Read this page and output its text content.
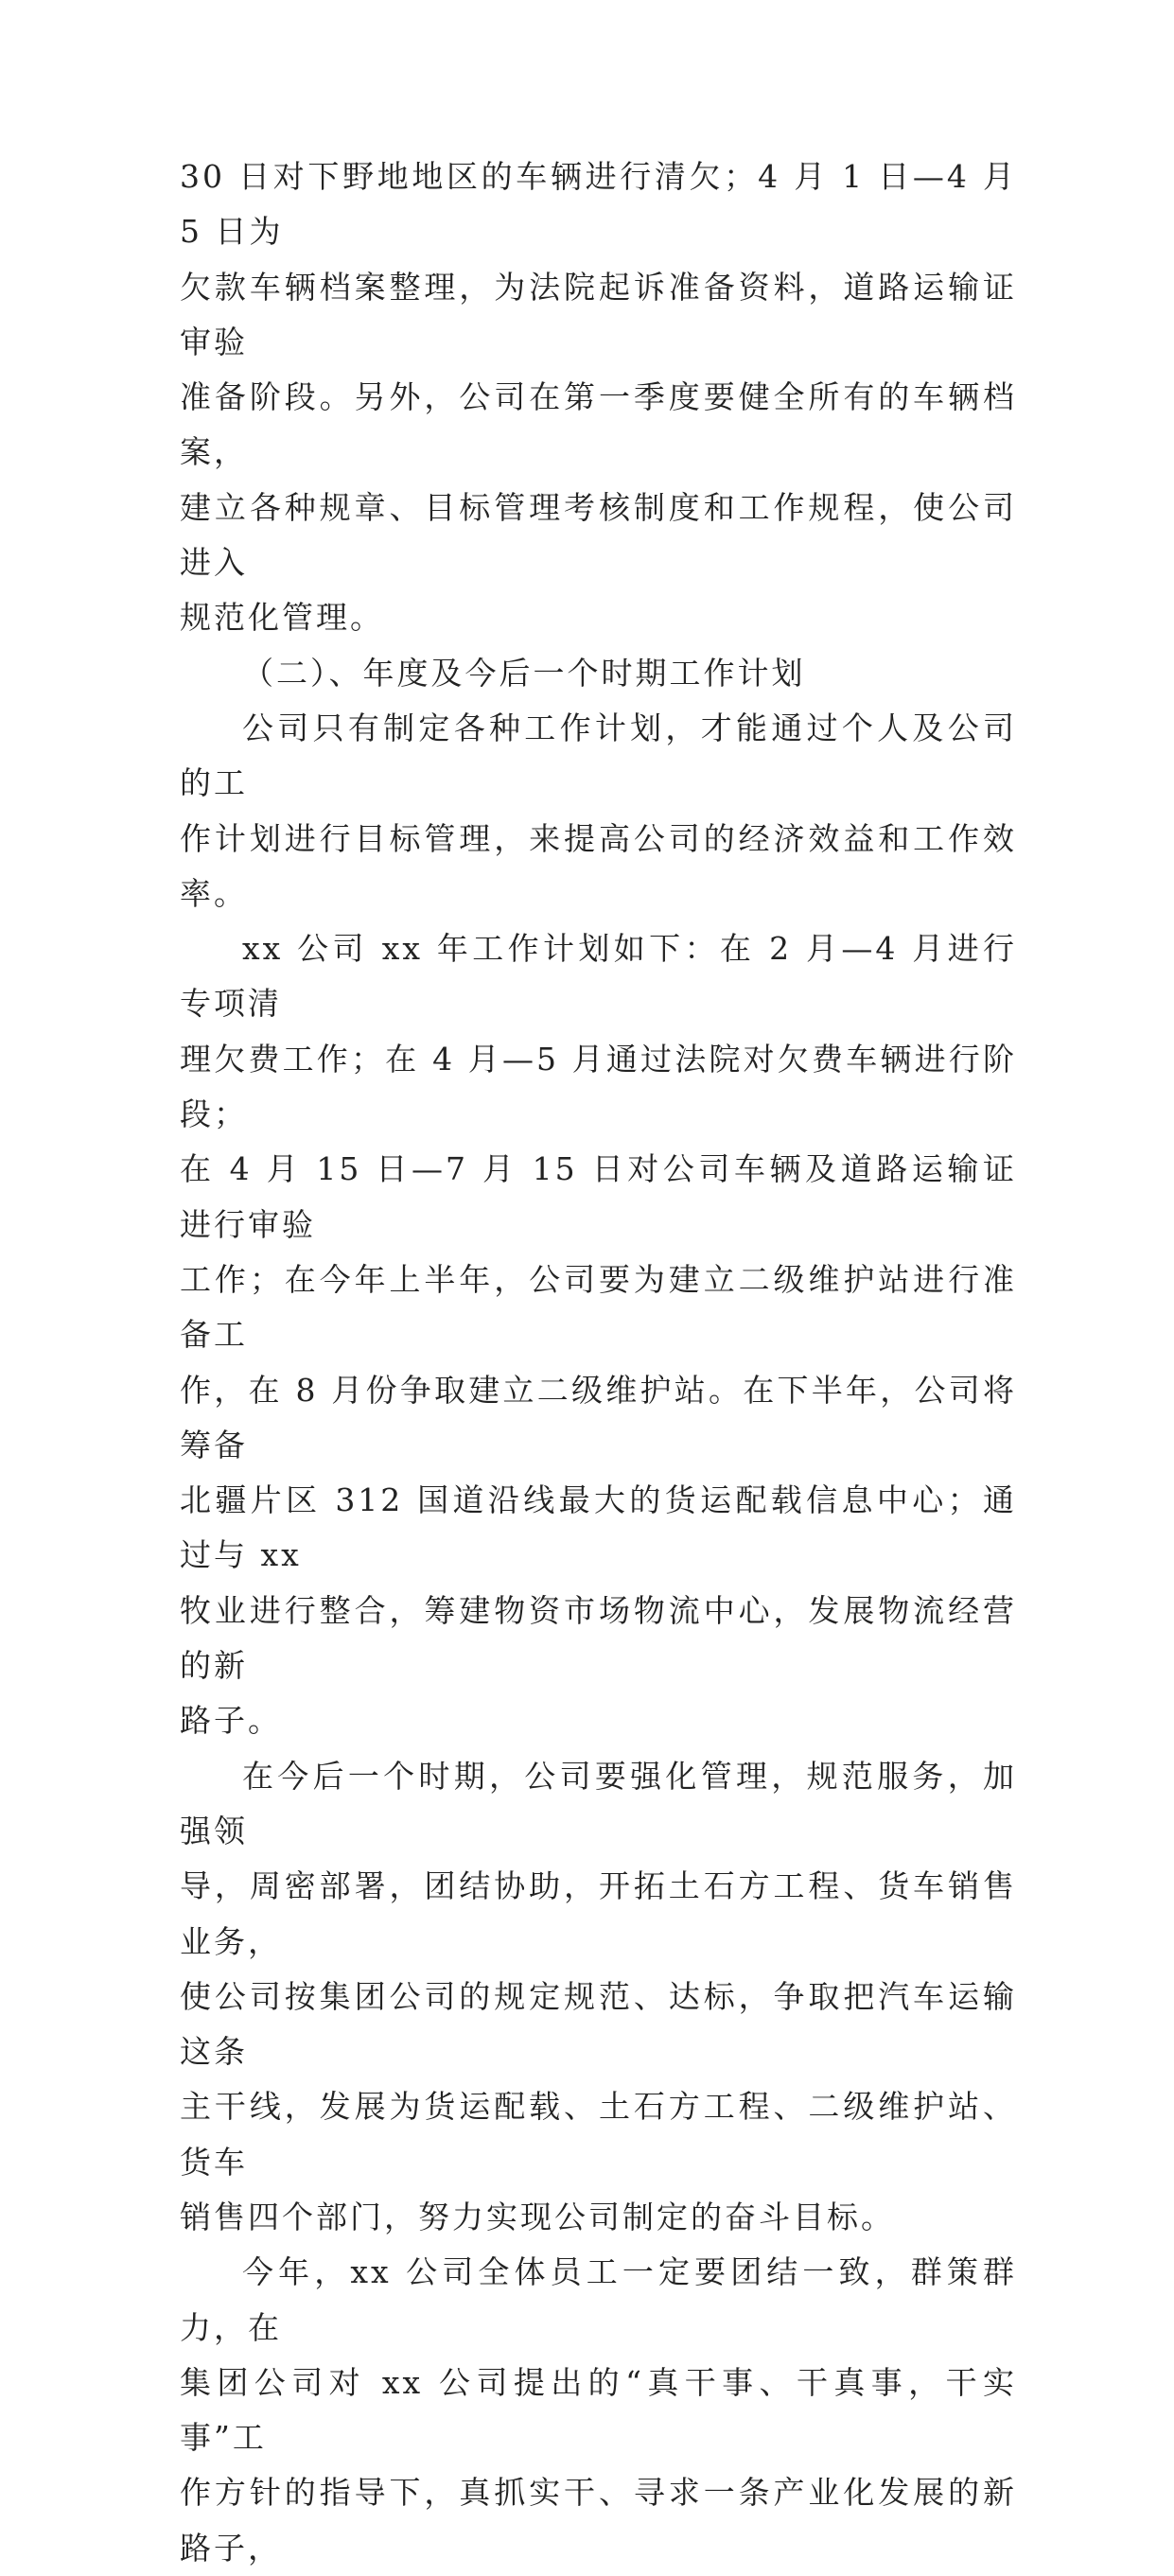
30 日对下野地地区的车辆进行清欠；4 月 1 日—4 月 5 日为
欠款车辆档案整理，为法院起诉准备资料，道路运输证审验
准备阶段。另外，公司在第一季度要健全所有的车辆档案，
建立各种规章、目标管理考核制度和工作规程，使公司进入
规范化管理。
（二）、年度及今后一个时期工作计划
公司只有制定各种工作计划，才能通过个人及公司的工
作计划进行目标管理，来提高公司的经济效益和工作效率。
xx 公司 xx 年工作计划如下：在 2 月—4 月进行专项清
理欠费工作；在 4 月—5 月通过法院对欠费车辆进行阶段；
在 4 月 15 日—7 月 15 日对公司车辆及道路运输证进行审验
工作；在今年上半年，公司要为建立二级维护站进行准备工
作，在 8 月份争取建立二级维护站。在下半年，公司将筹备
北疆片区 312 国道沿线最大的货运配载信息中心；通过与 xx
牧业进行整合，筹建物资市场物流中心，发展物流经营的新
路子。
在今后一个时期，公司要强化管理，规范服务，加强领
导，周密部署，团结协助，开拓土石方工程、货车销售业务，
使公司按集团公司的规定规范、达标，争取把汽车运输这条
主干线，发展为货运配载、土石方工程、二级维护站、货车
销售四个部门，努力实现公司制定的奋斗目标。
今年，xx 公司全体员工一定要团结一致，群策群力，在
集团公司对 xx 公司提出的“真干事、干真事，干实事”工
作方针的指导下，真抓实干、寻求一条产业化发展的新路子，
